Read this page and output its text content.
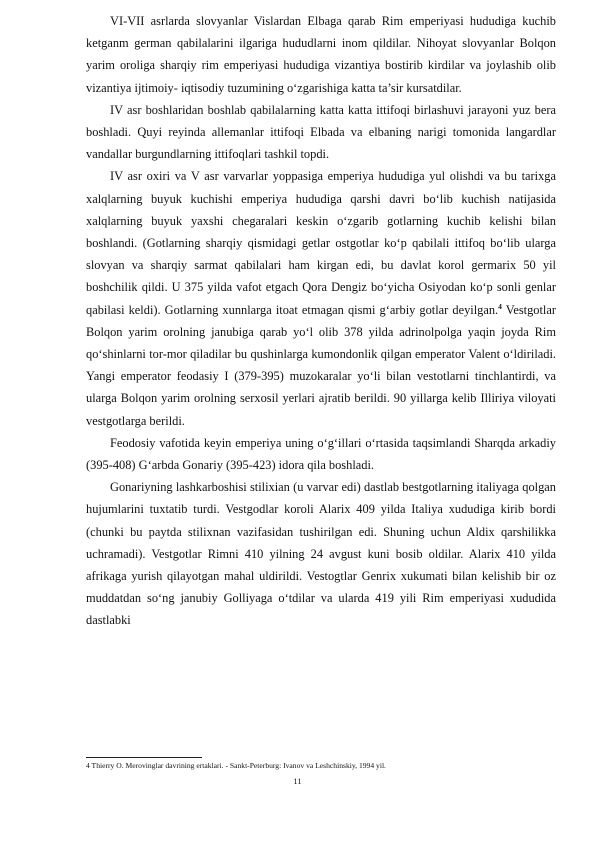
VI-VII asrlarda slovyanlar Vislardan Elbaga qarab Rim emperiyasi hududiga kuchib ketganm german qabilalarini ilgariga hududlarni inom qildilar. Nihoyat slovyanlar Bolqon yarim oroliga sharqiy rim emperiyasi hududiga vizantiya bostirib kirdilar va joylashib olib vizantiya ijtimoiy- iqtisodiy tuzumining o‘zgarishiga katta ta’sir kursatdilar.

IV asr boshlaridan boshlab qabilalarning katta katta ittifoqi birlashuvi jarayoni yuz bera boshladi. Quyi reyinda allemanlar ittifoqi Elbada va elbaning narigi tomonida langardlar vandallar burgundlarning ittifoqlari tashkil topdi.

IV asr oxiri va V asr varvarlar yoppasiga emperiya hududiga yul olishdi va bu tarixga xalqlarning buyuk kuchishi emperiya hududiga qarshi davri bo‘lib kuchish natijasida xalqlarning buyuk yaxshi chegaralari keskin o‘zgarib gotlarning kuchib kelishi bilan boshlandi. (Gotlarning sharqiy qismidagi getlar ostgotlar ko‘p qabilali ittifoq bo‘lib ularga slovyan va sharqiy sarmat qabilalari ham kirgan edi, bu davlat korol germarix 50 yil boshchilik qildi. U 375 yilda vafot etgach Qora Dengiz bo‘yicha Osiyodan ko‘p sonli genlar qabilasi keldi). Gotlarning xunnlarga itoat etmagan qismi g‘arbiy gotlar deyilgan.$^4$ Vestgotlar Bolqon yarim orolning janubiga qarab yo‘l olib 378 yilda adrinolpolga yaqin joyda Rim qo‘shinlarni tor-mor qiladilar bu qushinlarga kumondonlik qilgan emperator Valent o‘ldiriladi. Yangi emperator feodasiy I (379-395) muzokaralar yo‘li bilan vestotlarni tinchlantirdi, va ularga Bolqon yarim orolning serxosil yerlari ajratib berildi. 90 yillarga kelib Illiriya viloyati vestgotlarga berildi.

Feodosiy vafotida keyin emperiya uning o‘g‘illari o‘rtasida taqsimlandi Sharqda arkadiy (395-408) G‘arbda Gonariy (395-423) idora qila boshladi.

Gonariyning lashkarboshisi stilixian (u varvar edi) dastlab bestgotlarning italiyaga qolgan hujumlarini tuxtatib turdi. Vestgodlar koroli Alarix 409 yilda Italiya xududiga kirib bordi (chunki bu paytda stilixnan vazifasidan tushirilgan edi. Shuning uchun Aldix qarshilikka uchramadi). Vestgotlar Rimni 410 yilning 24 avgust kuni bosib oldilar. Alarix 410 yilda afrikaga yurish qilayotgan mahal uldirildi. Vestogtlar Genrix xukumati bilan kelishib bir oz muddatdan so‘ng janubiy Golliyaga o‘tdilar va ularda 419 yili Rim emperiyasi xududida dastlabki

4 Thierry O. Merovinglar davrining ertaklari. - Sankt-Peterburg: Ivanov va Leshchinskiy, 1994 yil.
11
